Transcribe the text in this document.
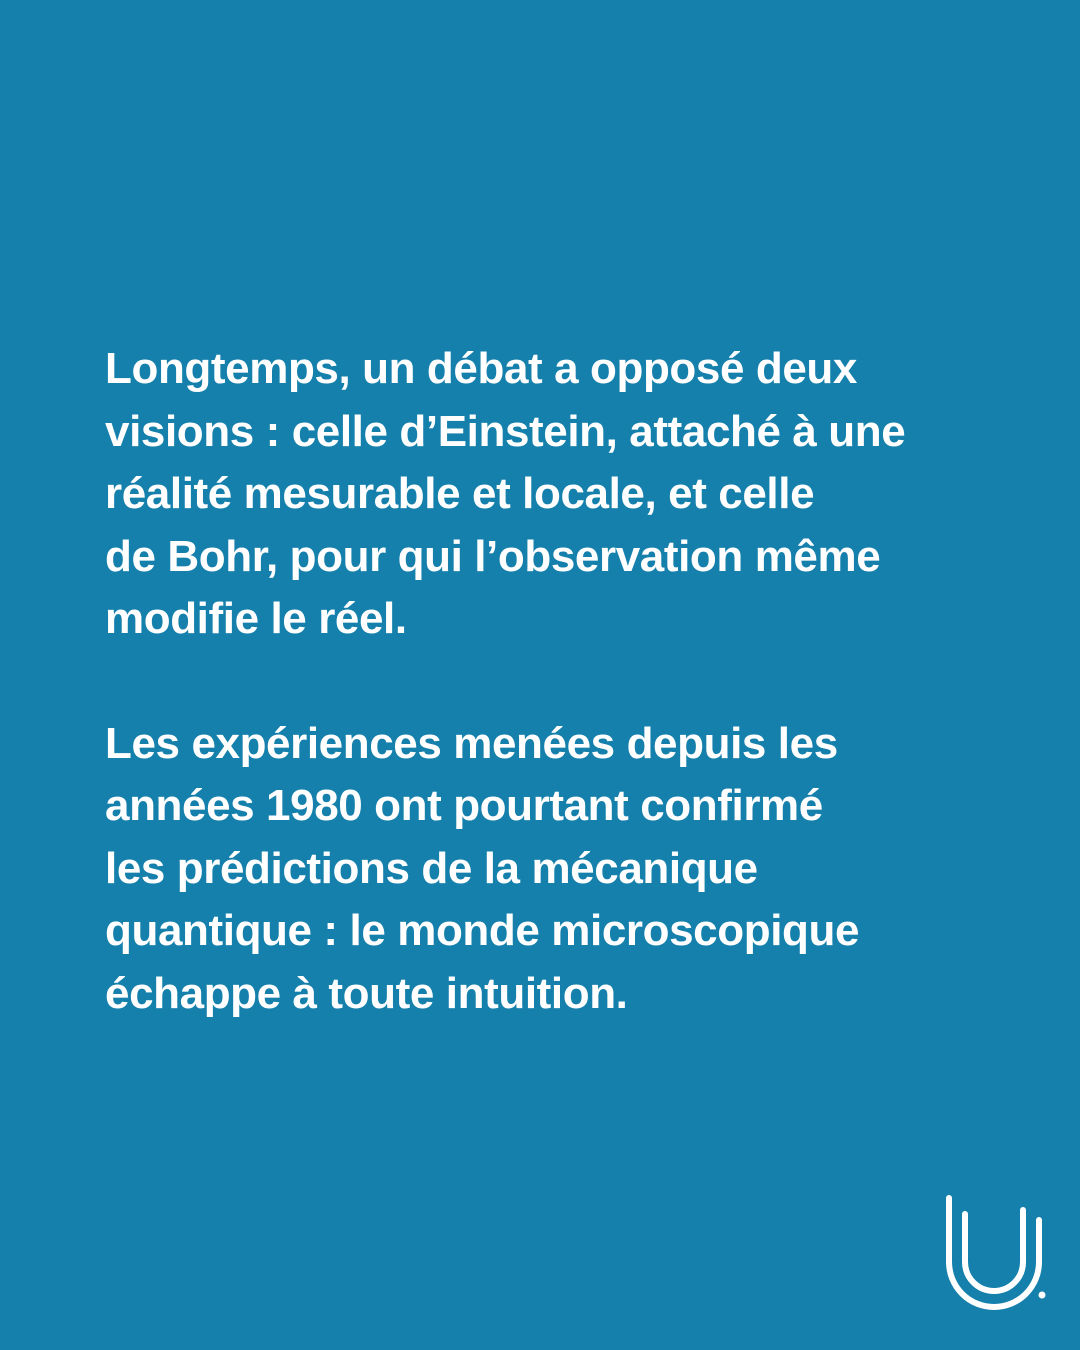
Longtemps, un débat a opposé deux
visions : celle d’Einstein, attaché à une
réalité mesurable et locale, et celle
de Bohr, pour qui l’observation même
modifie le réel.
Les expériences menées depuis les
années 1980 ont pourtant confirmé
les prédictions de la mécanique
quantique : le monde microscopique
échappe à toute intuition.
